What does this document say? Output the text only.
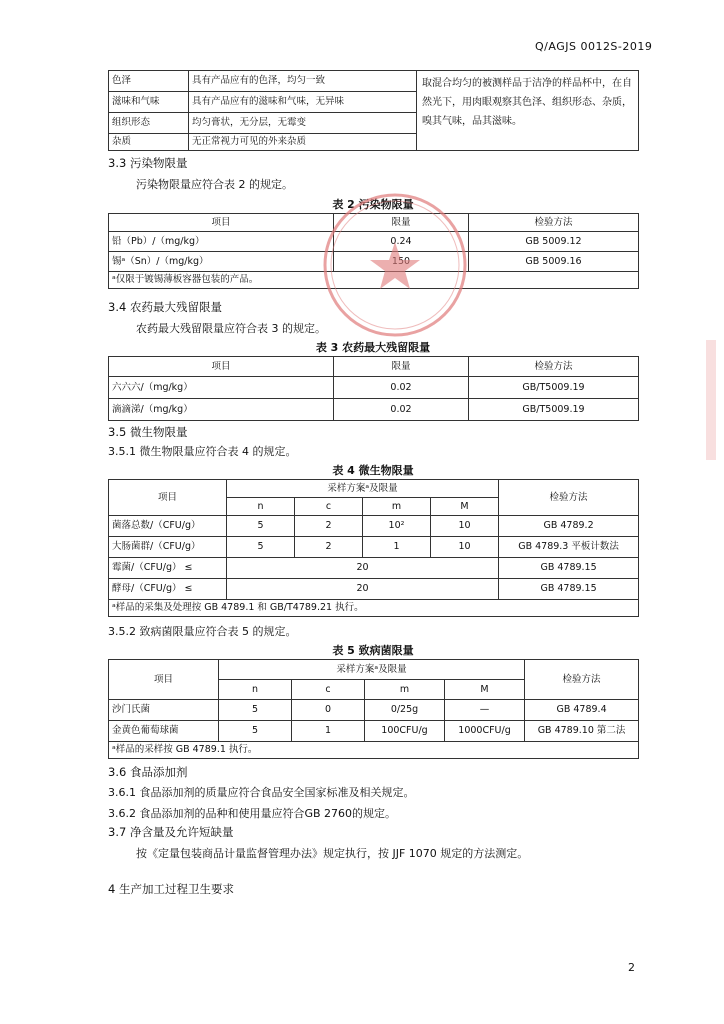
Q/AGJS 0012S-2019
色泽	具有产品应有的色泽，均匀一致	取混合均匀的被测样品于洁净的样品杯中，在自然光下，用肉眼观察其色泽、组织形态、杂质，嗅其气味，品其滋味。
滋味和气味	具有产品应有的滋味和气味，无异味	
组织形态	均匀膏状，无分层，无霉变	
杂质	无正常视力可见的外来杂质	
3.3 污染物限量
污染物限量应符合表 2 的规定。
表 2 污染物限量
项目	限量	检验方法
铅（Pb）/（mg/kg）	0.24	GB 5009.12
锡ᵃ（Sn）/（mg/kg）		GB 5009.16
ᵃ仅限于镀锡薄板容器包装的产品。		
3.4 农药最大残留限量
农药最大残留限量应符合表 3 的规定。
表 3 农药最大残留限量
项目	限量	检验方法
六六六/（mg/kg）	0.02	GB/T5009.19
滴滴涕/（mg/kg）	0.02	GB/T5009.19
3.5 微生物限量
3.5.1 微生物限量应符合表 4 的规定。
表 4 微生物限量
项目	采样方案ᵃ及限量				检验方法
	n	c	m	M	
菌落总数/（CFU/g）	5	2	10²	10	GB 4789.2
大肠菌群/（CFU/g）	5	2	1	10	GB 4789.3 平板计数法
霉菌/（CFU/g） ≤	20				GB 4789.15
酵母/（CFU/g） ≤	20				GB 4789.15
ᵃ样品的采集及处理按 GB 4789.1 和 GB/T4789.21 执行。					
3.5.2 致病菌限量应符合表 5 的规定。
表 5 致病菌限量
项目	采样方案ᵃ及限量				检验方法
	n	c	m	M	
沙门氏菌	5	0	0/25g	—	GB 4789.4
金黄色葡萄球菌	5	1	100CFU/g	1000CFU/g	GB 4789.10 第二法
ᵃ样品的采样按 GB 4789.1 执行。					
3.6 食品添加剂
3.6.1 食品添加剂的质量应符合食品安全国家标准及相关规定。
3.6.2 食品添加剂的品种和使用量应符合GB 2760的规定。
3.7 净含量及允许短缺量
按《定量包装商品计量监督管理办法》规定执行，按 JJF 1070 规定的方法测定。
4 生产加工过程卫生要求
2
